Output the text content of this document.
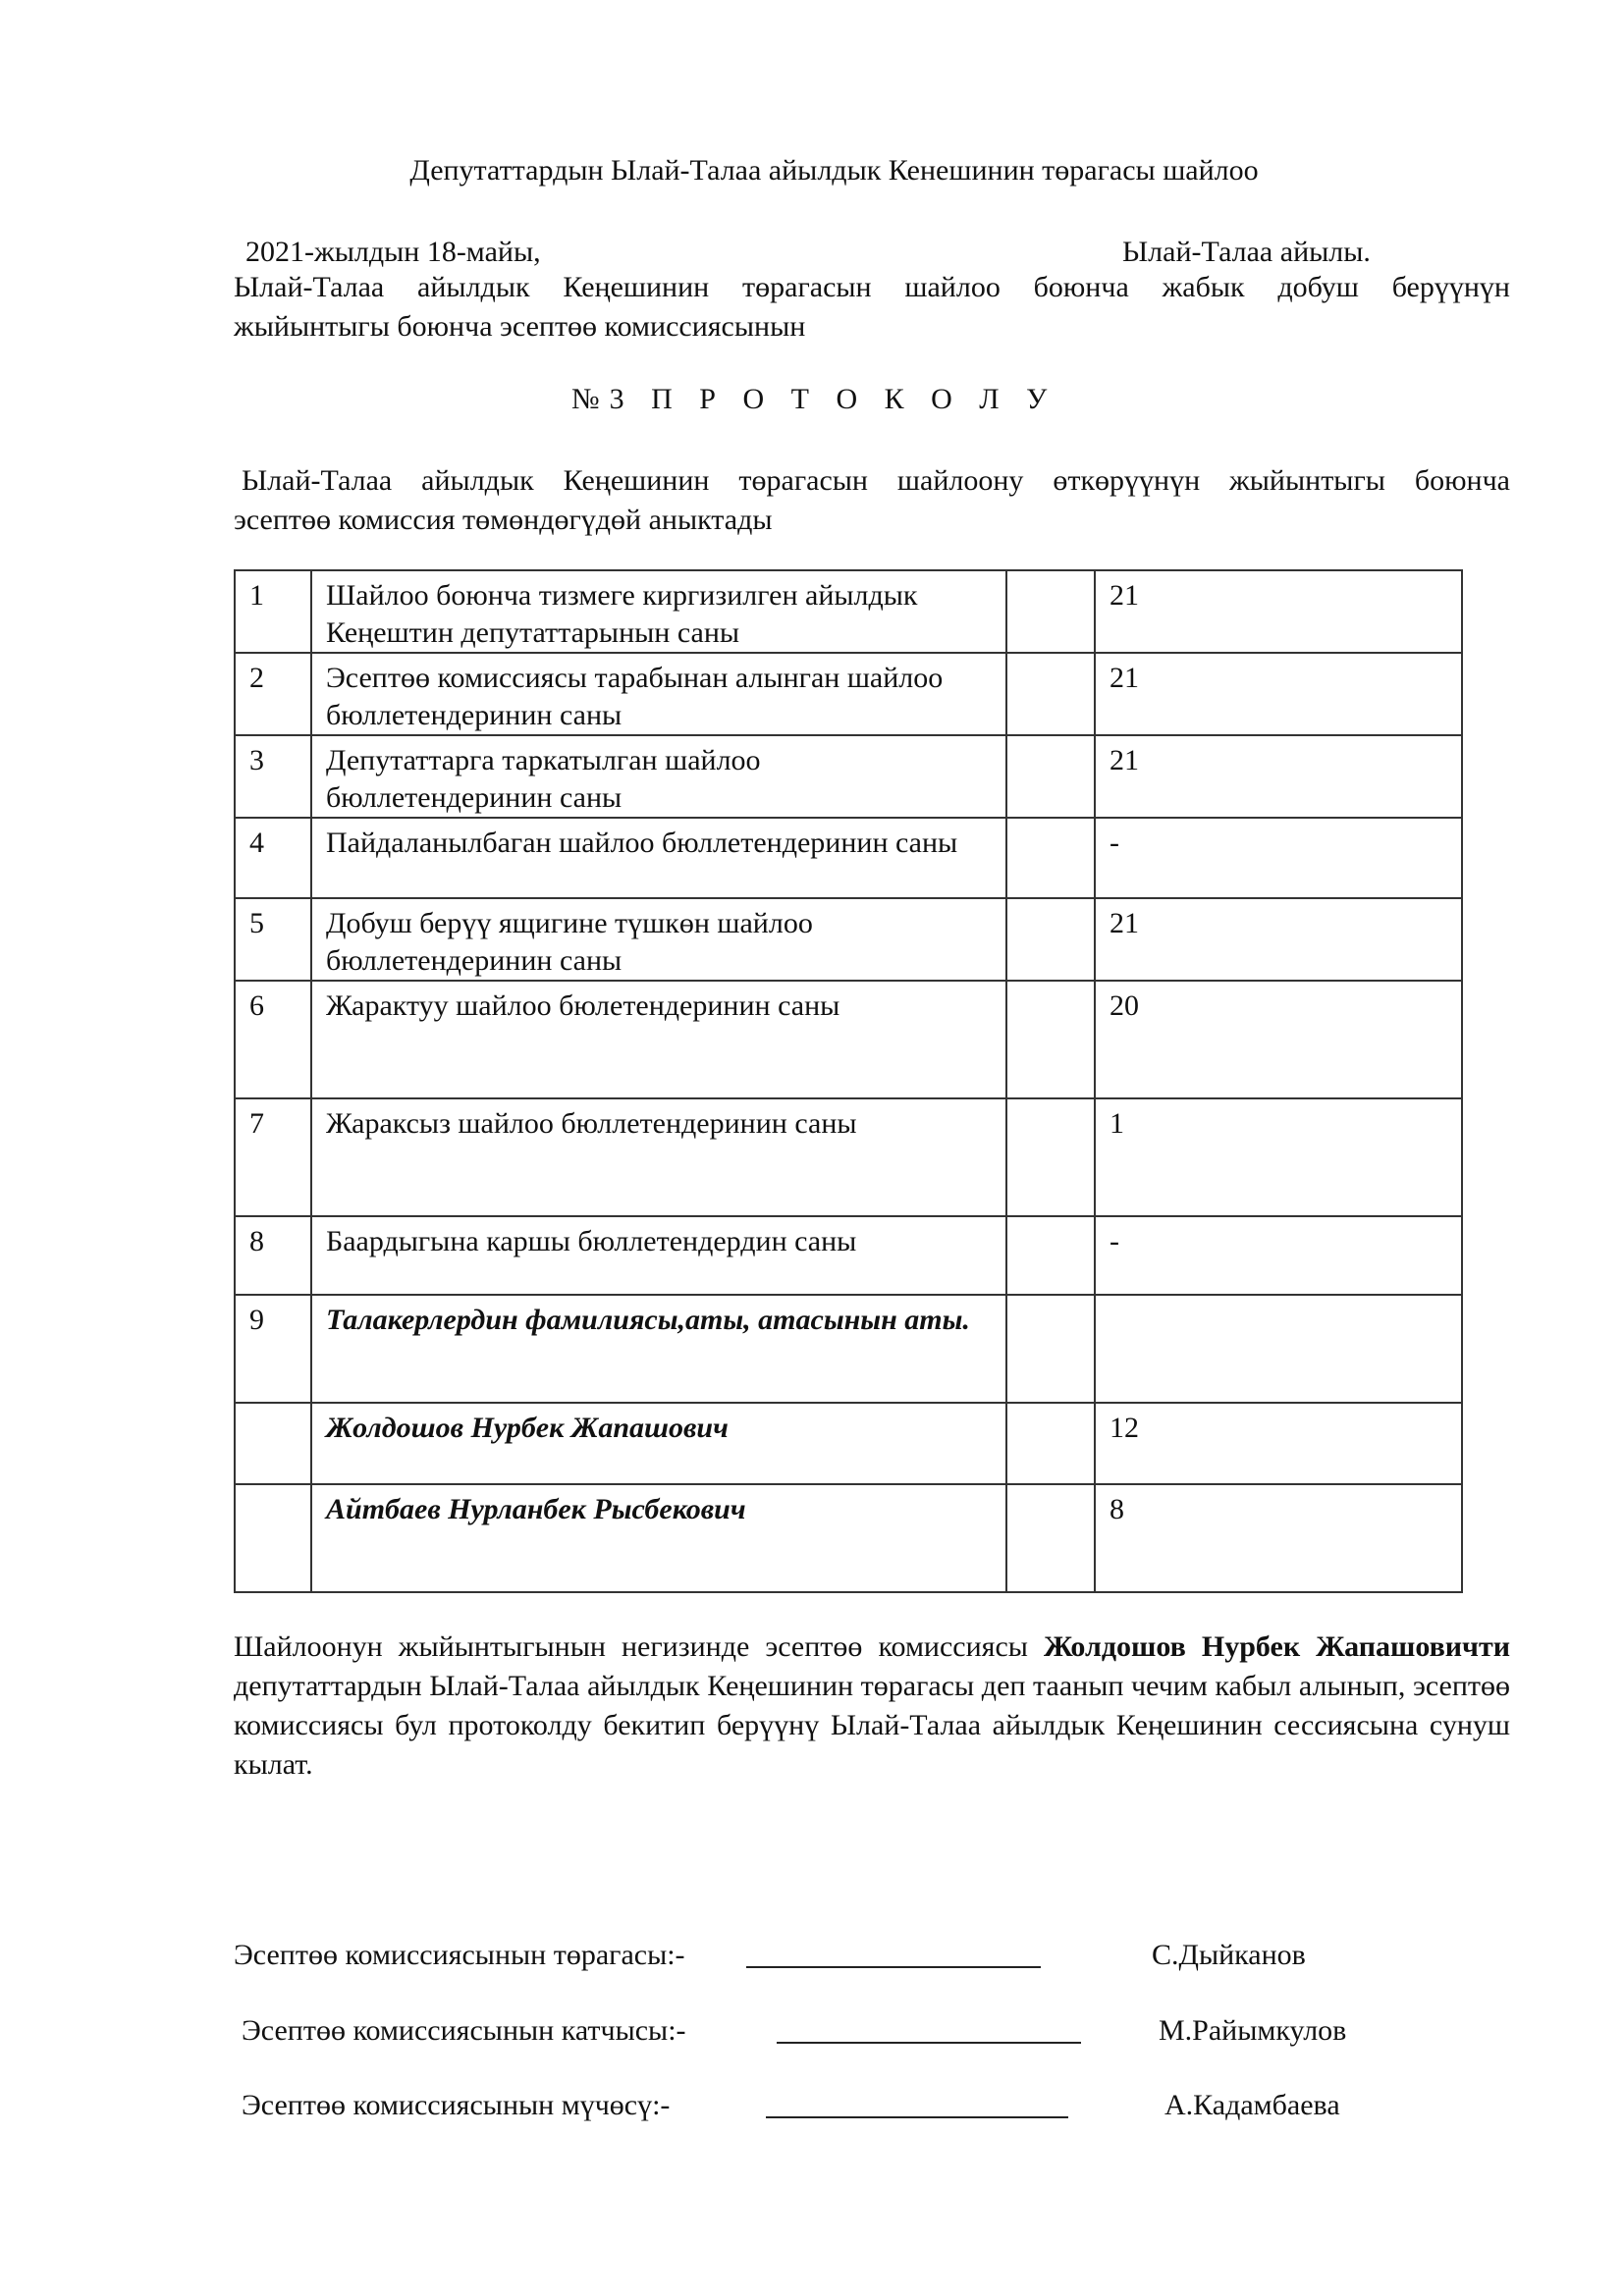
Депутаттардын Ылай-Талаа айылдык Кенешинин төрагасы шайлоо
2021-жылдын 18-майы,	Ылай-Талаа айылы.
Ылай-Талаа айылдык Кеңешинин төрагасын шайлоо боюнча жабык добуш берүүнүн
жыйынтыгы боюнча эсептөө комиссиясынын
№3 П Р О Т О К О Л У
Ылай-Талаа айылдык Кеңешинин төрагасын шайлоону өткөрүүнүн жыйынтыгы боюнча
эсептөө комиссия төмөндөгүдөй аныктады
1	Шайлоо боюнча тизмеге киргизилген айылдык Кеңештин депутаттарынын саны		21
2	Эсептөө комиссиясы тарабынан алынган шайлоо бюллетендеринин саны		21
3	Депутаттарга таркатылган шайлоо бюллетендеринин саны		21
4	Пайдаланылбаган шайлоо бюллетендеринин саны		-
5	Добуш берүү ящигине түшкөн шайлоо бюллетендеринин саны		21
6	Жарактуу шайлоо бюлетендеринин саны		20
7	Жараксыз шайлоо бюллетендеринин саны		1
8	Баардыгына каршы бюллетендердин саны		-
9	Талакерлердин фамилиясы,аты, атасынын аты.		
	Жолдошов Нурбек Жапашович		12
	Айтбаев Нурланбек Рысбекович		8
Шайлоонун жыйынтыгынын негизинде эсептөө комиссиясы Жолдошов Нурбек Жапашовичти депутаттардын Ылай-Талаа айылдык Кеңешинин төрагасы деп таанып чечим кабыл алынып, эсептөө комиссиясы бул протоколду бекитип берүүнү Ылай-Талаа айылдык Кеңешинин сессиясына сунуш кылат.
Эсептөө комиссиясынын төрагасы:-	С.Дыйканов
Эсептөө комиссиясынын катчысы:-	М.Райымкулов
Эсептөө комиссиясынын мүчөсү:-	А.Кадамбаева
